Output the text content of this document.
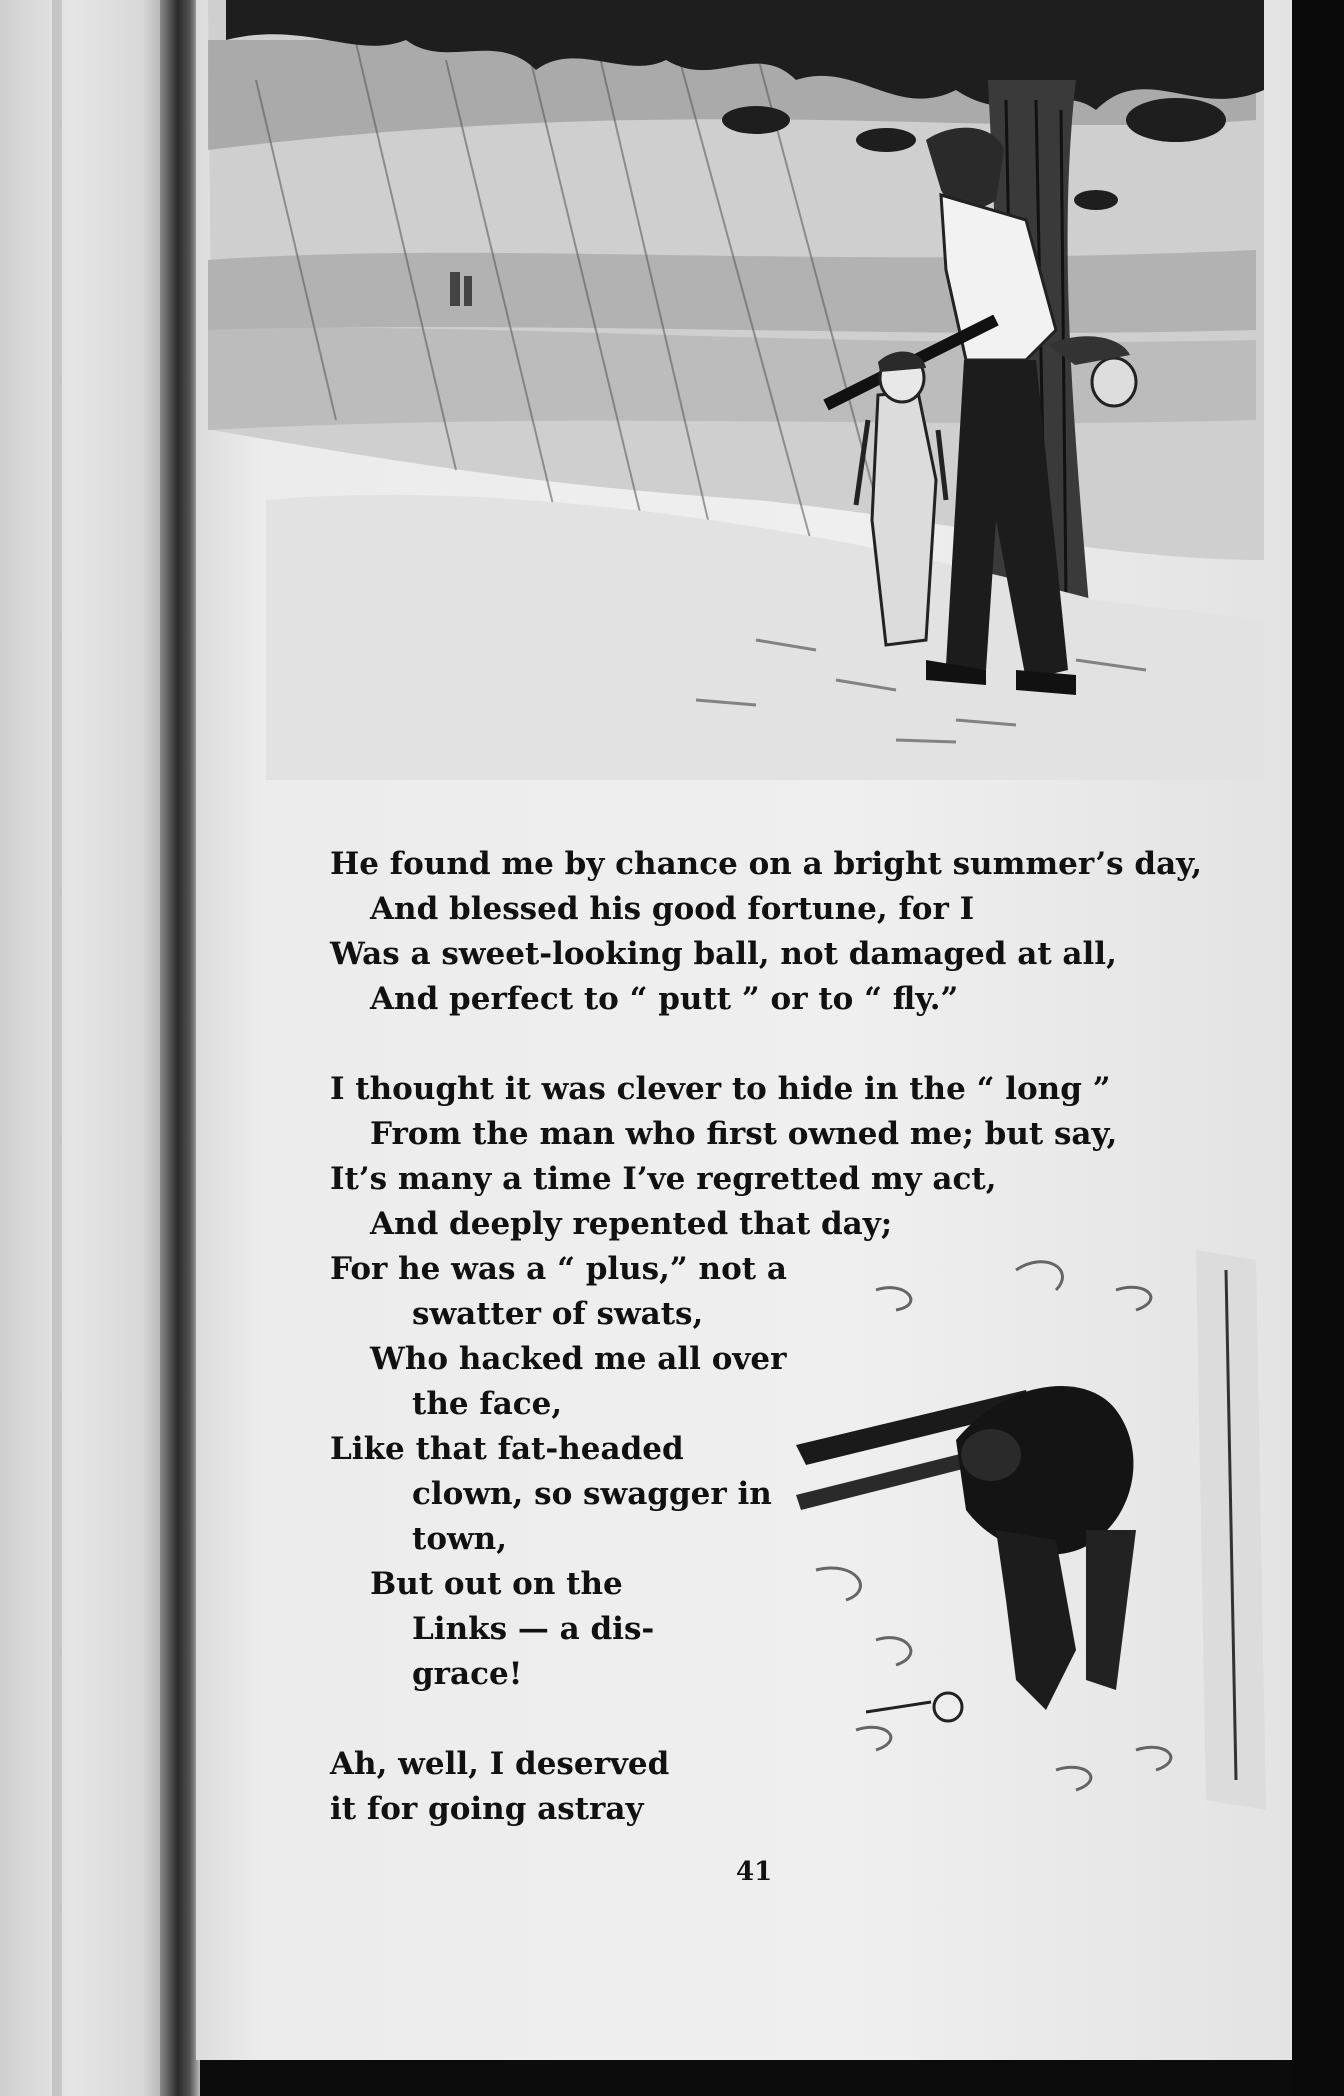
He found me by chance on a bright summer’s day,
And blessed his good fortune, for I
Was a sweet-looking ball, not damaged at all,
And perfect to “ putt ” or to “ fly.”
I thought it was clever to hide in the “ long ”
From the man who first owned me; but say,
It’s many a time I’ve regretted my act,
And deeply repented that day;
For he was a “ plus,” not a
swatter of swats,
Who hacked me all over
the face,
Like that fat-headed
clown, so swagger in
town,
But out on the
Links — a dis-
grace!
Ah, well, I deserved
it for going astray
41
